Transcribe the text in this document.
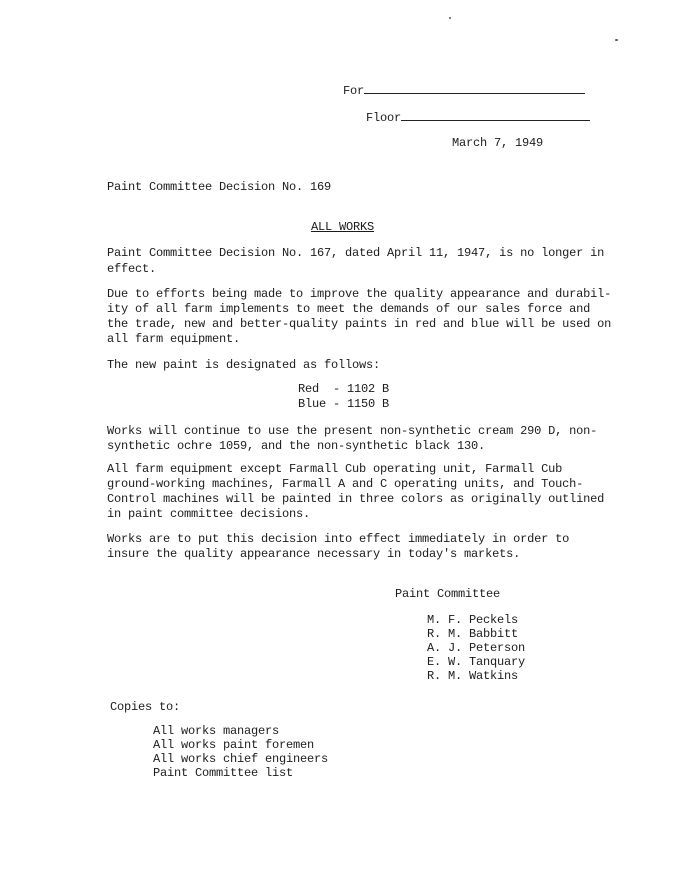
For
Floor
March 7, 1949
Paint Committee Decision No. 169
ALL WORKS
Paint Committee Decision No. 167, dated April 11, 1947, is no longer in
effect.
Due to efforts being made to improve the quality appearance and durabil-
ity of all farm implements to meet the demands of our sales force and
the trade, new and better-quality paints in red and blue will be used on
all farm equipment.
The new paint is designated as follows:
Red  - 1102 B
Blue - 1150 B
Works will continue to use the present non-synthetic cream 290 D, non-
synthetic ochre 1059, and the non-synthetic black 130.
All farm equipment except Farmall Cub operating unit, Farmall Cub
ground-working machines, Farmall A and C operating units, and Touch-
Control machines will be painted in three colors as originally outlined
in paint committee decisions.
Works are to put this decision into effect immediately in order to
insure the quality appearance necessary in today's markets.
Paint Committee
M. F. Peckels
R. M. Babbitt
A. J. Peterson
E. W. Tanquary
R. M. Watkins
Copies to:
All works managers
All works paint foremen
All works chief engineers
Paint Committee list
